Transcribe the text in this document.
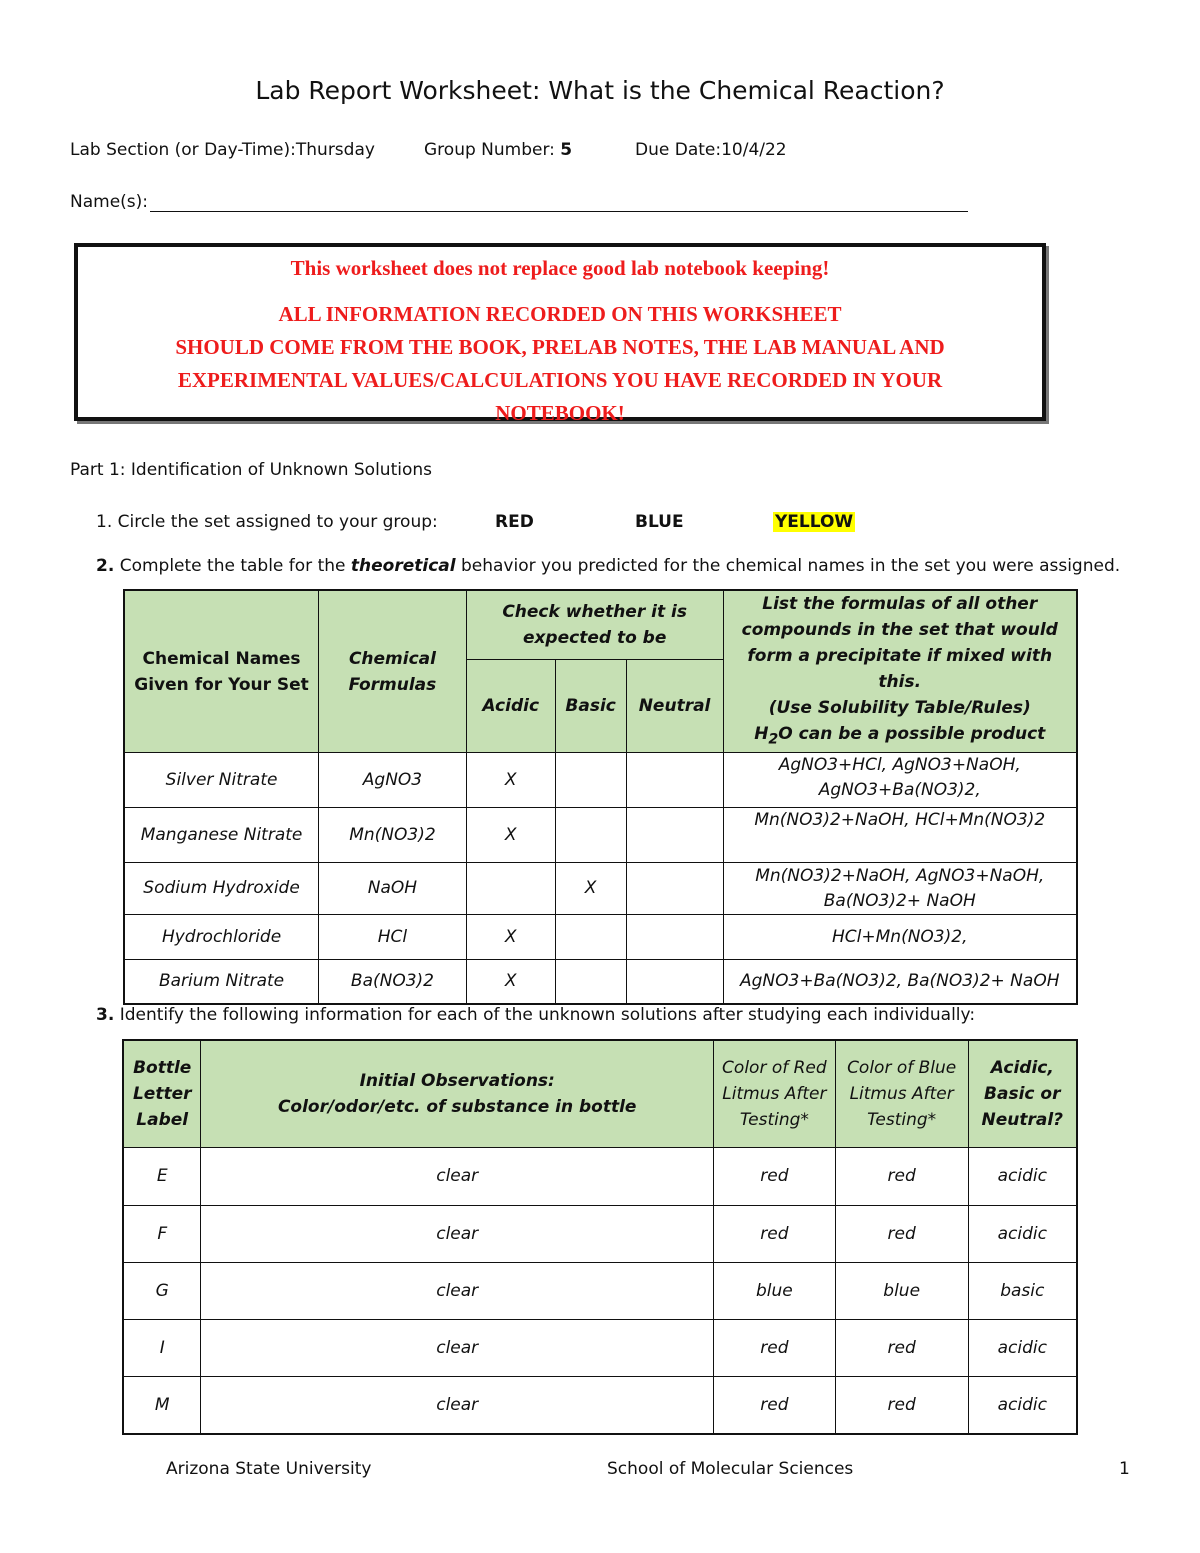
Lab Report Worksheet: What is the Chemical Reaction?
Lab Section (or Day-Time):Thursday	Group Number: 5	Due Date:10/4/22
Name(s):
This worksheet does not replace good lab notebook keeping!
ALL INFORMATION RECORDED ON THIS WORKSHEET
SHOULD COME FROM THE BOOK, PRELAB NOTES, THE LAB MANUAL AND
EXPERIMENTAL VALUES/CALCULATIONS YOU HAVE RECORDED IN YOUR
NOTEBOOK!
Part 1: Identification of Unknown Solutions
1. Circle the set assigned to your group:	RED	BLUE	YELLOW
2. Complete the table for the theoretical behavior you predicted for the chemical names in the set you were assigned.
Chemical Names Given for Your Set	Chemical Formulas	Check whether it is expected to be			List the formulas of all other compounds in the set that would form a precipitate if mixed with this.
(Use Solubility Table/Rules)
$H_2O$ can be a possible product

		Acidic	Basic	Neutral	
Silver Nitrate	AgNO3	X			AgNO3+HCl, AgNO3+NaOH,
AgNO3+Ba(NO3)2,

Manganese Nitrate	Mn(NO3)2	X			Mn(NO3)2+NaOH, HCl+Mn(NO3)2

Sodium Hydroxide	NaOH		X		Mn(NO3)2+NaOH, AgNO3+NaOH,
Ba(NO3)2+ NaOH

Hydrochloride	HCl	X			HCl+Mn(NO3)2,

Barium Nitrate	Ba(NO3)2	X			AgNO3+Ba(NO3)2, Ba(NO3)2+ NaOH
3. Identify the following information for each of the unknown solutions after studying each individually:
Bottle Letter Label	Initial Observations:
Color/odor/etc. of substance in bottle	Color of Red Litmus After Testing*	Color of Blue Litmus After Testing*	Acidic, Basic or Neutral?
E	clear	red	red	acidic
F	clear	red	red	acidic
G	clear	blue	blue	basic
I	clear	red	red	acidic
M	clear	red	red	acidic
Arizona State University	School of Molecular Sciences	1
